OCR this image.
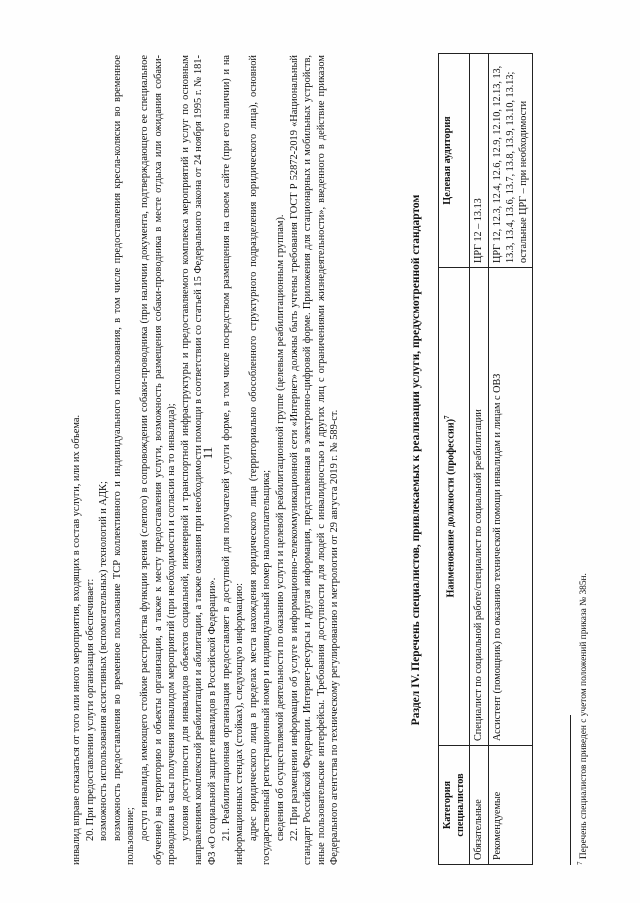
11

инвалид вправе отказаться от того или иного мероприятия, входящих в состав услуги, или их объема. 20. При предоставлении услуги организация обеспечивает: возможность использования ассистивных (вспомогательных) технологий и АДК; возможность предоставления во временное пользование ТСР коллективного и индивидуального использования, в том числе предоставления кресла-коляски во временное пользование; доступ инвалида, имеющего стойкие расстройства функции зрения (слепого) в сопровождении собаки-проводника (при наличии документа, подтверждающего ее специальное обучение) на территорию и объекты организации, а также к месту предоставления услуги, возможность размещения собаки-проводника в месте отдыха или ожидания собаки-проводника в часы получения инвалидом мероприятий (при необходимости и согласии на то инвалида); условия доступности для инвалидов объектов социальной, инженерной и транспортной инфраструктуры и предоставляемого комплекса мероприятий и услуг по основным направлениям комплексной реабилитации и абилитации, а также оказания при необходимости помощи в соответствии со статьей 15 Федерального закона от 24 ноября 1995 г. № 181-ФЗ «О социальной защите инвалидов в Российской Федерации». 21. Реабилитационная организация предоставляет в доступной для получателей услуги форме, в том числе посредством размещения на своем сайте (при его наличии) и на информационных стендах (стойках), следующую информацию: адрес юридического лица в пределах места нахождения юридического лица (территориально обособленного структурного подразделения юридического лица), основной государственный регистрационный номер и индивидуальный номер налогоплательщика; сведения об осуществляемой деятельности по оказанию услуги и целевой реабилитационной группе (целевым реабилитационным группам). 22. При размещении информации об услуге в информационно-телекоммуникационной сети «Интернет» должны быть учтены требования ГОСТ Р 52872-2019 «Национальный стандарт Российской Федерации. Интернет-ресурсы и другая информация, представленная в электронно-цифровой форме. Приложения для стационарных и мобильных устройств, иные пользовательские интерфейсы. Требования доступности для людей с инвалидностью и других лиц с ограничениями жизнедеятельности», введенного в действие приказом Федерального агентства по техническому регулированию и метрологии от 29 августа 2019 г. № 589-ст.	Раздел IV. Перечень специалистов, привлекаемых к реализации услуги, предусмотренной стандартом
Категория специалистов	Наименование должности (профессии)$^7$	Целевая аудитория
Обязательные	Специалист по социальной работе/специалист по социальной реабилитации	ЦРГ 12 – 13.13
Рекомендуемые	Ассистент (помощник) по оказанию технической помощи инвалидам и лицам с ОВЗ	ЦРГ 12, 12.3, 12.4, 12.6, 12.9, 12.10, 12.13, 13, 13.3, 13.4, 13.6, 13.7, 13.8, 13.9, 13.10, 13.13; остальные ЦРГ – при необходимости
$^7$ Перечень специалистов приведен с учетом положений приказа № 385н.
